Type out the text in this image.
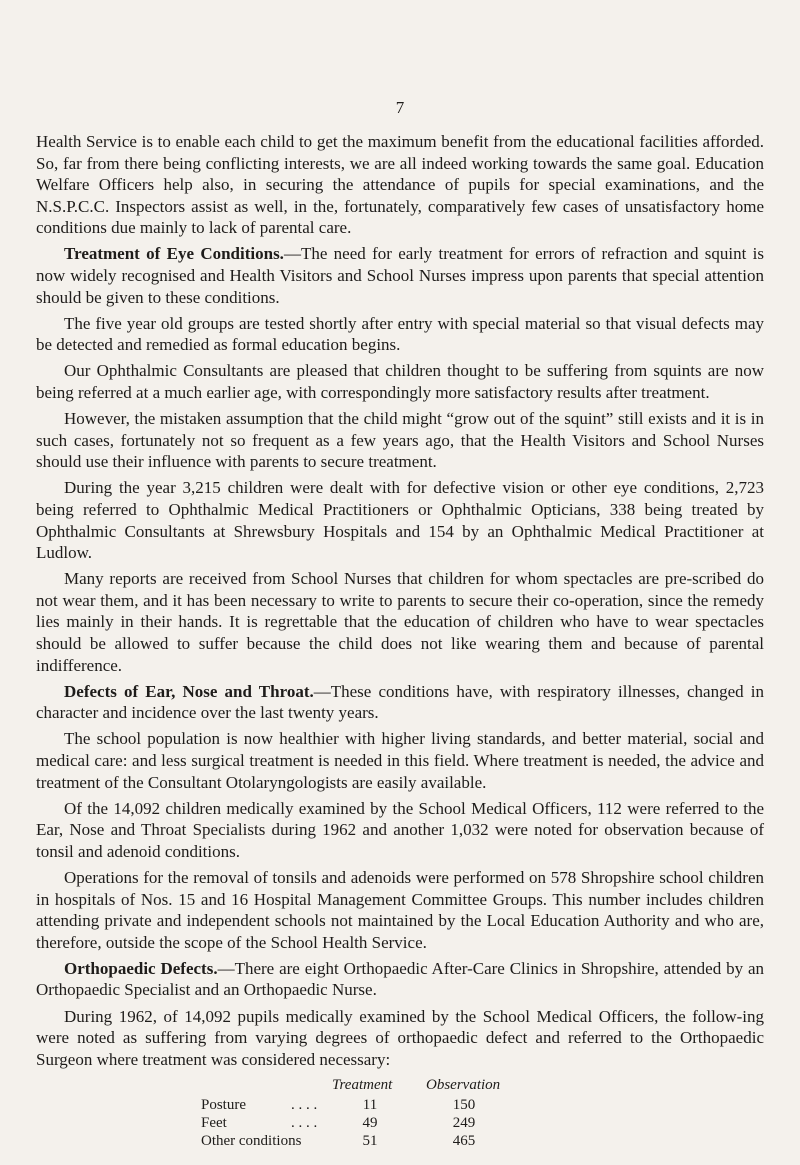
7

Health Service is to enable each child to get the maximum benefit from the educational facilities afforded. So, far from there being conflicting interests, we are all indeed working towards the same goal. Education Welfare Officers help also, in securing the attendance of pupils for special examinations, and the N.S.P.C.C. Inspectors assist as well, in the, fortunately, comparatively few cases of unsatisfactory home conditions due mainly to lack of parental care.

Treatment of Eye Conditions.—The need for early treatment for errors of refraction and squint is now widely recognised and Health Visitors and School Nurses impress upon parents that special attention should be given to these conditions.

The five year old groups are tested shortly after entry with special material so that visual defects may be detected and remedied as formal education begins.

Our Ophthalmic Consultants are pleased that children thought to be suffering from squints are now being referred at a much earlier age, with correspondingly more satisfactory results after treatment.

However, the mistaken assumption that the child might “grow out of the squint” still exists and it is in such cases, fortunately not so frequent as a few years ago, that the Health Visitors and School Nurses should use their influence with parents to secure treatment.

During the year 3,215 children were dealt with for defective vision or other eye conditions, 2,723 being referred to Ophthalmic Medical Practitioners or Ophthalmic Opticians, 338 being treated by Ophthalmic Consultants at Shrewsbury Hospitals and 154 by an Ophthalmic Medical Practitioner at Ludlow.

Many reports are received from School Nurses that children for whom spectacles are pre-scribed do not wear them, and it has been necessary to write to parents to secure their co-operation, since the remedy lies mainly in their hands. It is regrettable that the education of children who have to wear spectacles should be allowed to suffer because the child does not like wearing them and because of parental indifference.

Defects of Ear, Nose and Throat.—These conditions have, with respiratory illnesses, changed in character and incidence over the last twenty years.

The school population is now healthier with higher living standards, and better material, social and medical care: and less surgical treatment is needed in this field. Where treatment is needed, the advice and treatment of the Consultant Otolaryngologists are easily available.

Of the 14,092 children medically examined by the School Medical Officers, 112 were referred to the Ear, Nose and Throat Specialists during 1962 and another 1,032 were noted for observation because of tonsil and adenoid conditions.

Operations for the removal of tonsils and adenoids were performed on 578 Shropshire school children in hospitals of Nos. 15 and 16 Hospital Management Committee Groups. This number includes children attending private and independent schools not maintained by the Local Education Authority and who are, therefore, outside the scope of the School Health Service.

Orthopaedic Defects.—There are eight Orthopaedic After-Care Clinics in Shropshire, attended by an Orthopaedic Specialist and an Orthopaedic Nurse.

During 1962, of 14,092 pupils medically examined by the School Medical Officers, the follow-ing were noted as suffering from varying degrees of orthopaedic defect and referred to the Orthopaedic Surgeon where treatment was considered necessary:

Treatment Observation
Posture	. . . .	11	150
Feet	. . . .	49	249
Other conditions	51	465
